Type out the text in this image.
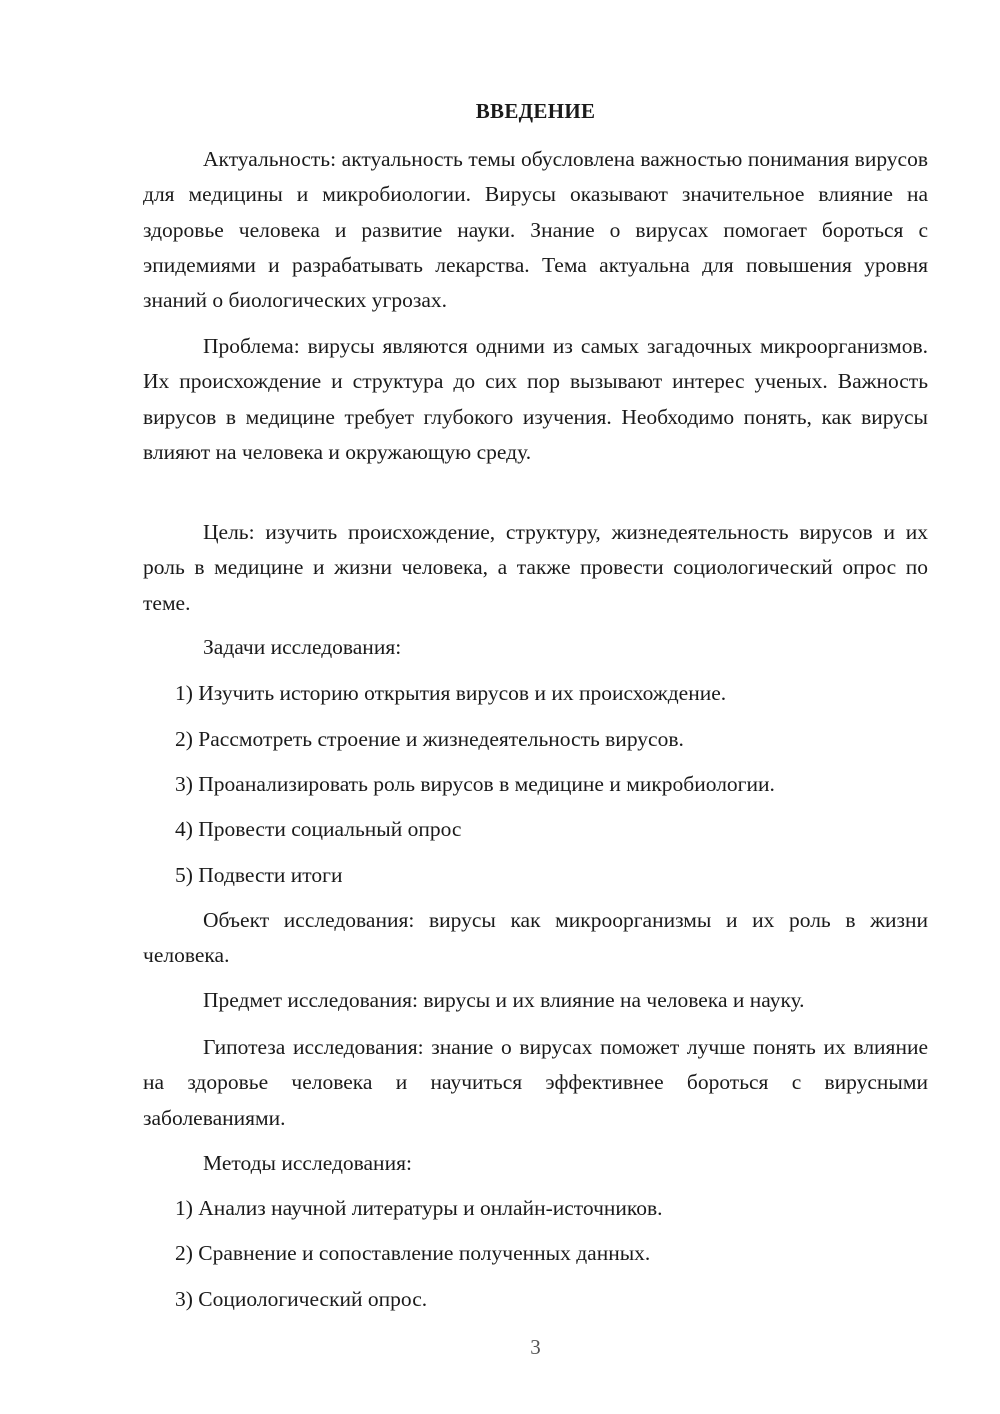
ВВЕДЕНИЕ

Актуальность: актуальность темы обусловлена важностью понимания вирусов для медицины и микробиологии. Вирусы оказывают значительное влияние на здоровье человека и развитие науки. Знание о вирусах помогает бороться с эпидемиями и разрабатывать лекарства. Тема актуальна для повышения уровня знаний о биологических угрозах.

Проблема: вирусы являются одними из самых загадочных микроорганизмов. Их происхождение и структура до сих пор вызывают интерес ученых. Важность вирусов в медицине требует глубокого изучения. Необходимо понять, как вирусы влияют на человека и окружающую среду.

Цель: изучить происхождение, структуру, жизнедеятельность вирусов и их роль в медицине и жизни человека, а также провести социологический опрос по теме.

Задачи исследования:

1) Изучить историю открытия вирусов и их происхождение.

2) Рассмотреть строение и жизнедеятельность вирусов.

3) Проанализировать роль вирусов в медицине и микробиологии.

4) Провести социальный опрос

5) Подвести итоги

Объект исследования: вирусы как микроорганизмы и их роль в жизни человека.

Предмет исследования: вирусы и их влияние на человека и науку.

Гипотеза исследования: знание о вирусах поможет лучше понять их влияние на здоровье человека и научиться эффективнее бороться с вирусными заболеваниями.

Методы исследования:

1) Анализ научной литературы и онлайн-источников.

2) Сравнение и сопоставление полученных данных.

3) Социологический опрос.

3
